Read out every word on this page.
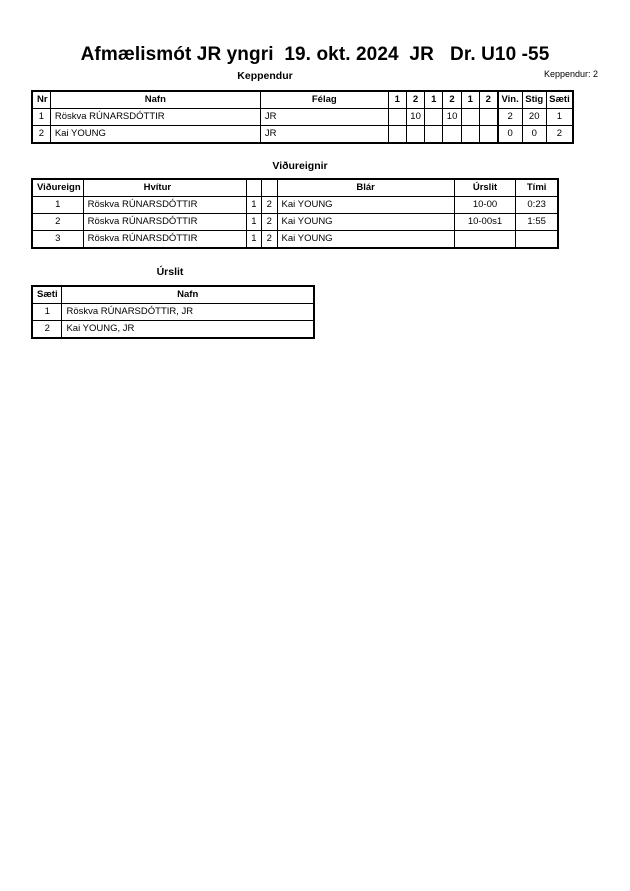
Afmælismót JR yngri  19. okt. 2024  JR   Dr. U10 -55
Keppendur: 2
Keppendur
Nr	Nafn	Félag	1	2	1	2	1	2	Vin.	Stig	Sæti
1	Röskva RÚNARSDÓTTIR	JR		10		10			2	20	1
2	Kai YOUNG	JR							0	0	2
Viðureignir
Viðureign	Hvítur			Blár	Úrslit	Tími
1	Röskva RÚNARSDÓTTIR	1	2	Kai YOUNG	10-00	0:23
2	Röskva RÚNARSDÓTTIR	1	2	Kai YOUNG	10-00s1	1:55
3	Röskva RÚNARSDÓTTIR	1	2	Kai YOUNG		
Úrslit
Sæti	Nafn
1	Röskva RÚNARSDÓTTIR, JR
2	Kai YOUNG, JR
